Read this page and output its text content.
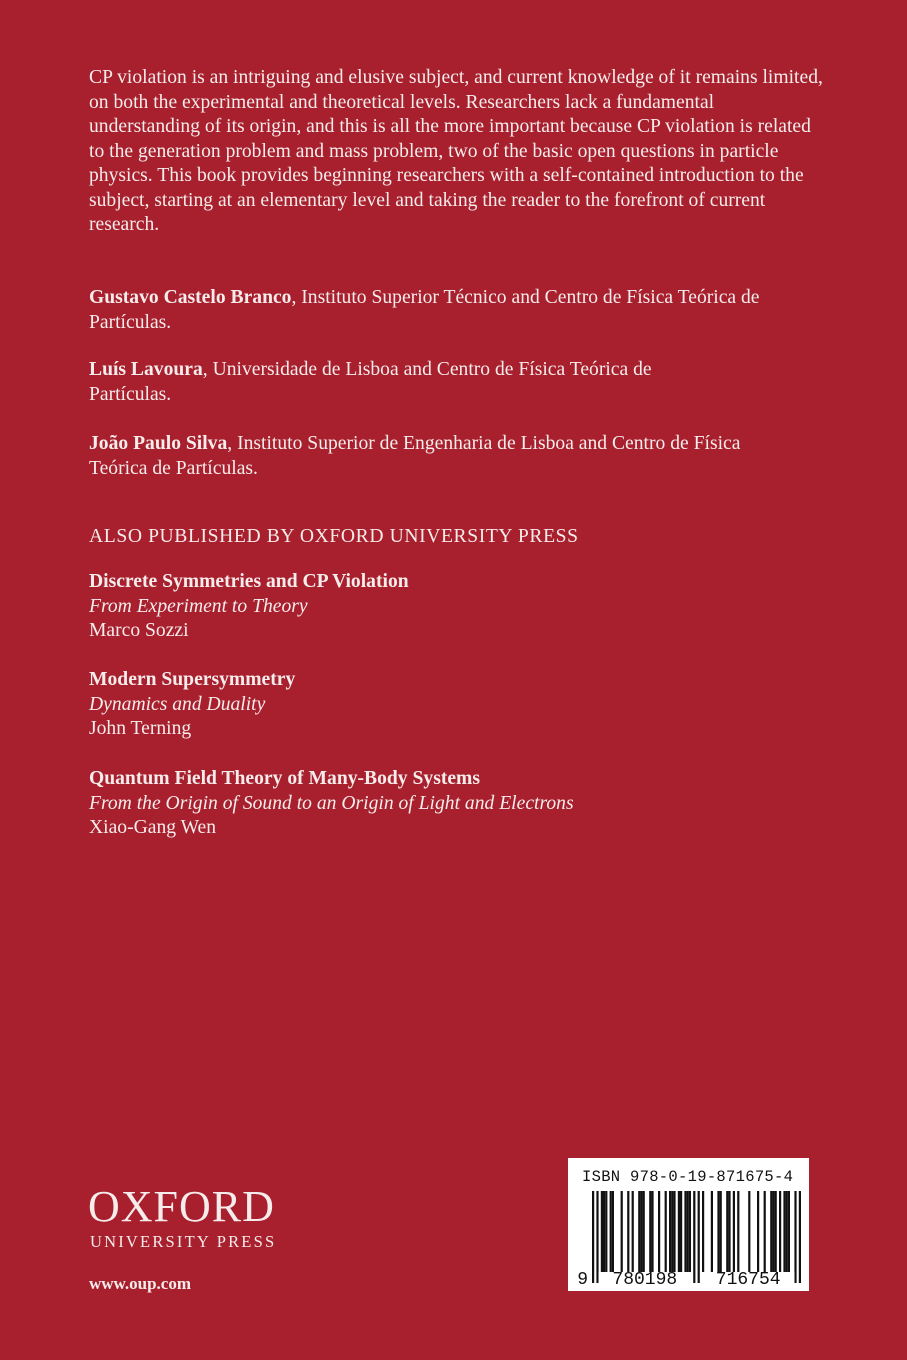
CP violation is an intriguing and elusive subject, and current knowledge of it remains limited, on both the experimental and theoretical levels. Researchers lack a fundamental understanding of its origin, and this is all the more important because CP violation is related to the generation problem and mass problem, two of the basic open questions in particle physics. This book provides beginning researchers with a self-contained introduction to the subject, starting at an elementary level and taking the reader to the forefront of current research.

Gustavo Castelo Branco, Instituto Superior Técnico and Centro de Física Teórica de Partículas.

Luís Lavoura, Universidade de Lisboa and Centro de Física Teórica de Partículas.

João Paulo Silva, Instituto Superior de Engenharia de Lisboa and Centro de Física Teórica de Partículas.

ALSO PUBLISHED BY OXFORD UNIVERSITY PRESS

Discrete Symmetries and CP Violation
From Experiment to Theory
Marco Sozzi
Modern Supersymmetry
Dynamics and Duality
John Terning
Quantum Field Theory of Many-Body Systems
From the Origin of Sound to an Origin of Light and Electrons
Xiao-Gang Wen
OXFORD
UNIVERSITY PRESS
www.oup.com	9 780198 716754
ISBN 978-0-19-871675-4
